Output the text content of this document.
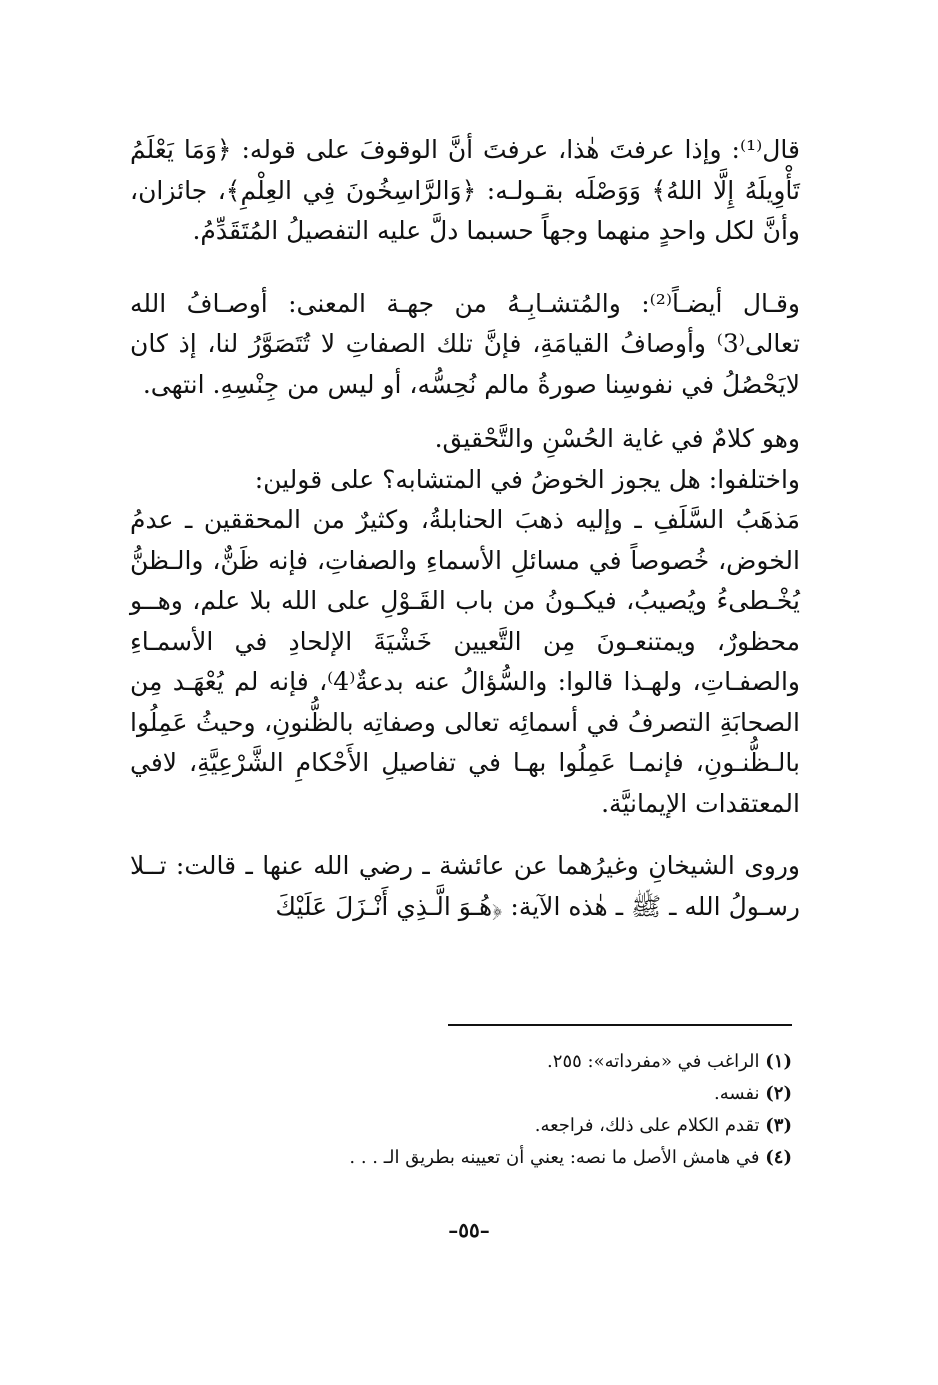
قال⁽¹⁾: وإذا عرفتَ هٰذا، عرفتَ أنَّ الوقوفَ على قوله: ﴿وَمَا يَعْلَمُ تَأْوِيلَهُ إِلَّا اللهُ﴾ وَوَصْلَه بقـولـه: ﴿وَالرَّاسِخُونَ فِي العِلْمِ﴾، جائزان، وأنَّ لكل واحدٍ منهما وجهاً حسبما دلَّ عليه التفصيلُ المُتَقَدِّمُ.

وقـال أيضـاً⁽²⁾: والمُتشـابِـهُ من جهـة المعنى: أوصـافُ الله تعالى⁽3⁾ وأوصافُ القيامَةِ، فإنَّ تلك الصفاتِ لا تُتَصَوَّرُ لنا، إذ كان لايَحْصُلُ في نفوسِنا صورةُ مالم نُحِسُّه، أو ليس من جِنْسِهِ. انتهى.

وهو كلامٌ في غاية الحُسْنِ والتَّحْقيق.

واختلفوا: هل يجوز الخوضُ في المتشابه؟ على قولين:

مَذهَبُ السَّلَفِ ـ وإليه ذهبَ الحنابلةُ، وكثيرٌ من المحققين ـ عدمُ الخوض، خُصوصاً في مسائلِ الأسماءِ والصفاتِ، فإنه ظَنٌّ، والـظنُّ يُخْـطىءُ ويُصيبُ، فيكـونُ من باب القَـوْلِ على الله بلا علم، وهــو محظورٌ، ويمتنعـونَ مِن التَّعيين خَشْيَةَ الإلحادِ في الأسمـاءِ والصفـاتِ، ولهـذا قالوا: والسُّؤالُ عنه بدعةٌ⁽4⁾، فإنه لم يُعْهَـد مِن الصحابَةِ التصرفُ في أسمائِه تعالى وصفاتِه بالظُّنونِ، وحيثُ عَمِلُوا بالـظُّنـونِ، فإنمـا عَمِلُوا بهـا في تفاصيلِ الأَحْكامِ الشَّرْعِيَّةِ، لافي المعتقدات الإيمانيَّة.

وروى الشيخانِ وغيرُهما عن عائشة ـ رضي الله عنها ـ قالت: تــلا رسـولُ الله ـ ﷺ ـ هٰذه الآية: ﴿هُـوَ الَّـذِي أَنْـزَلَ عَلَيْكَ

(١) الراغب في «مفرداته»: ٢٥٥.

(٢) نفسه.

(٣) تقدم الكلام على ذلك، فراجعه.

(٤) في هامش الأصل ما نصه: يعني أن تعيينه بطريق الـ . . .

–٥٥–
